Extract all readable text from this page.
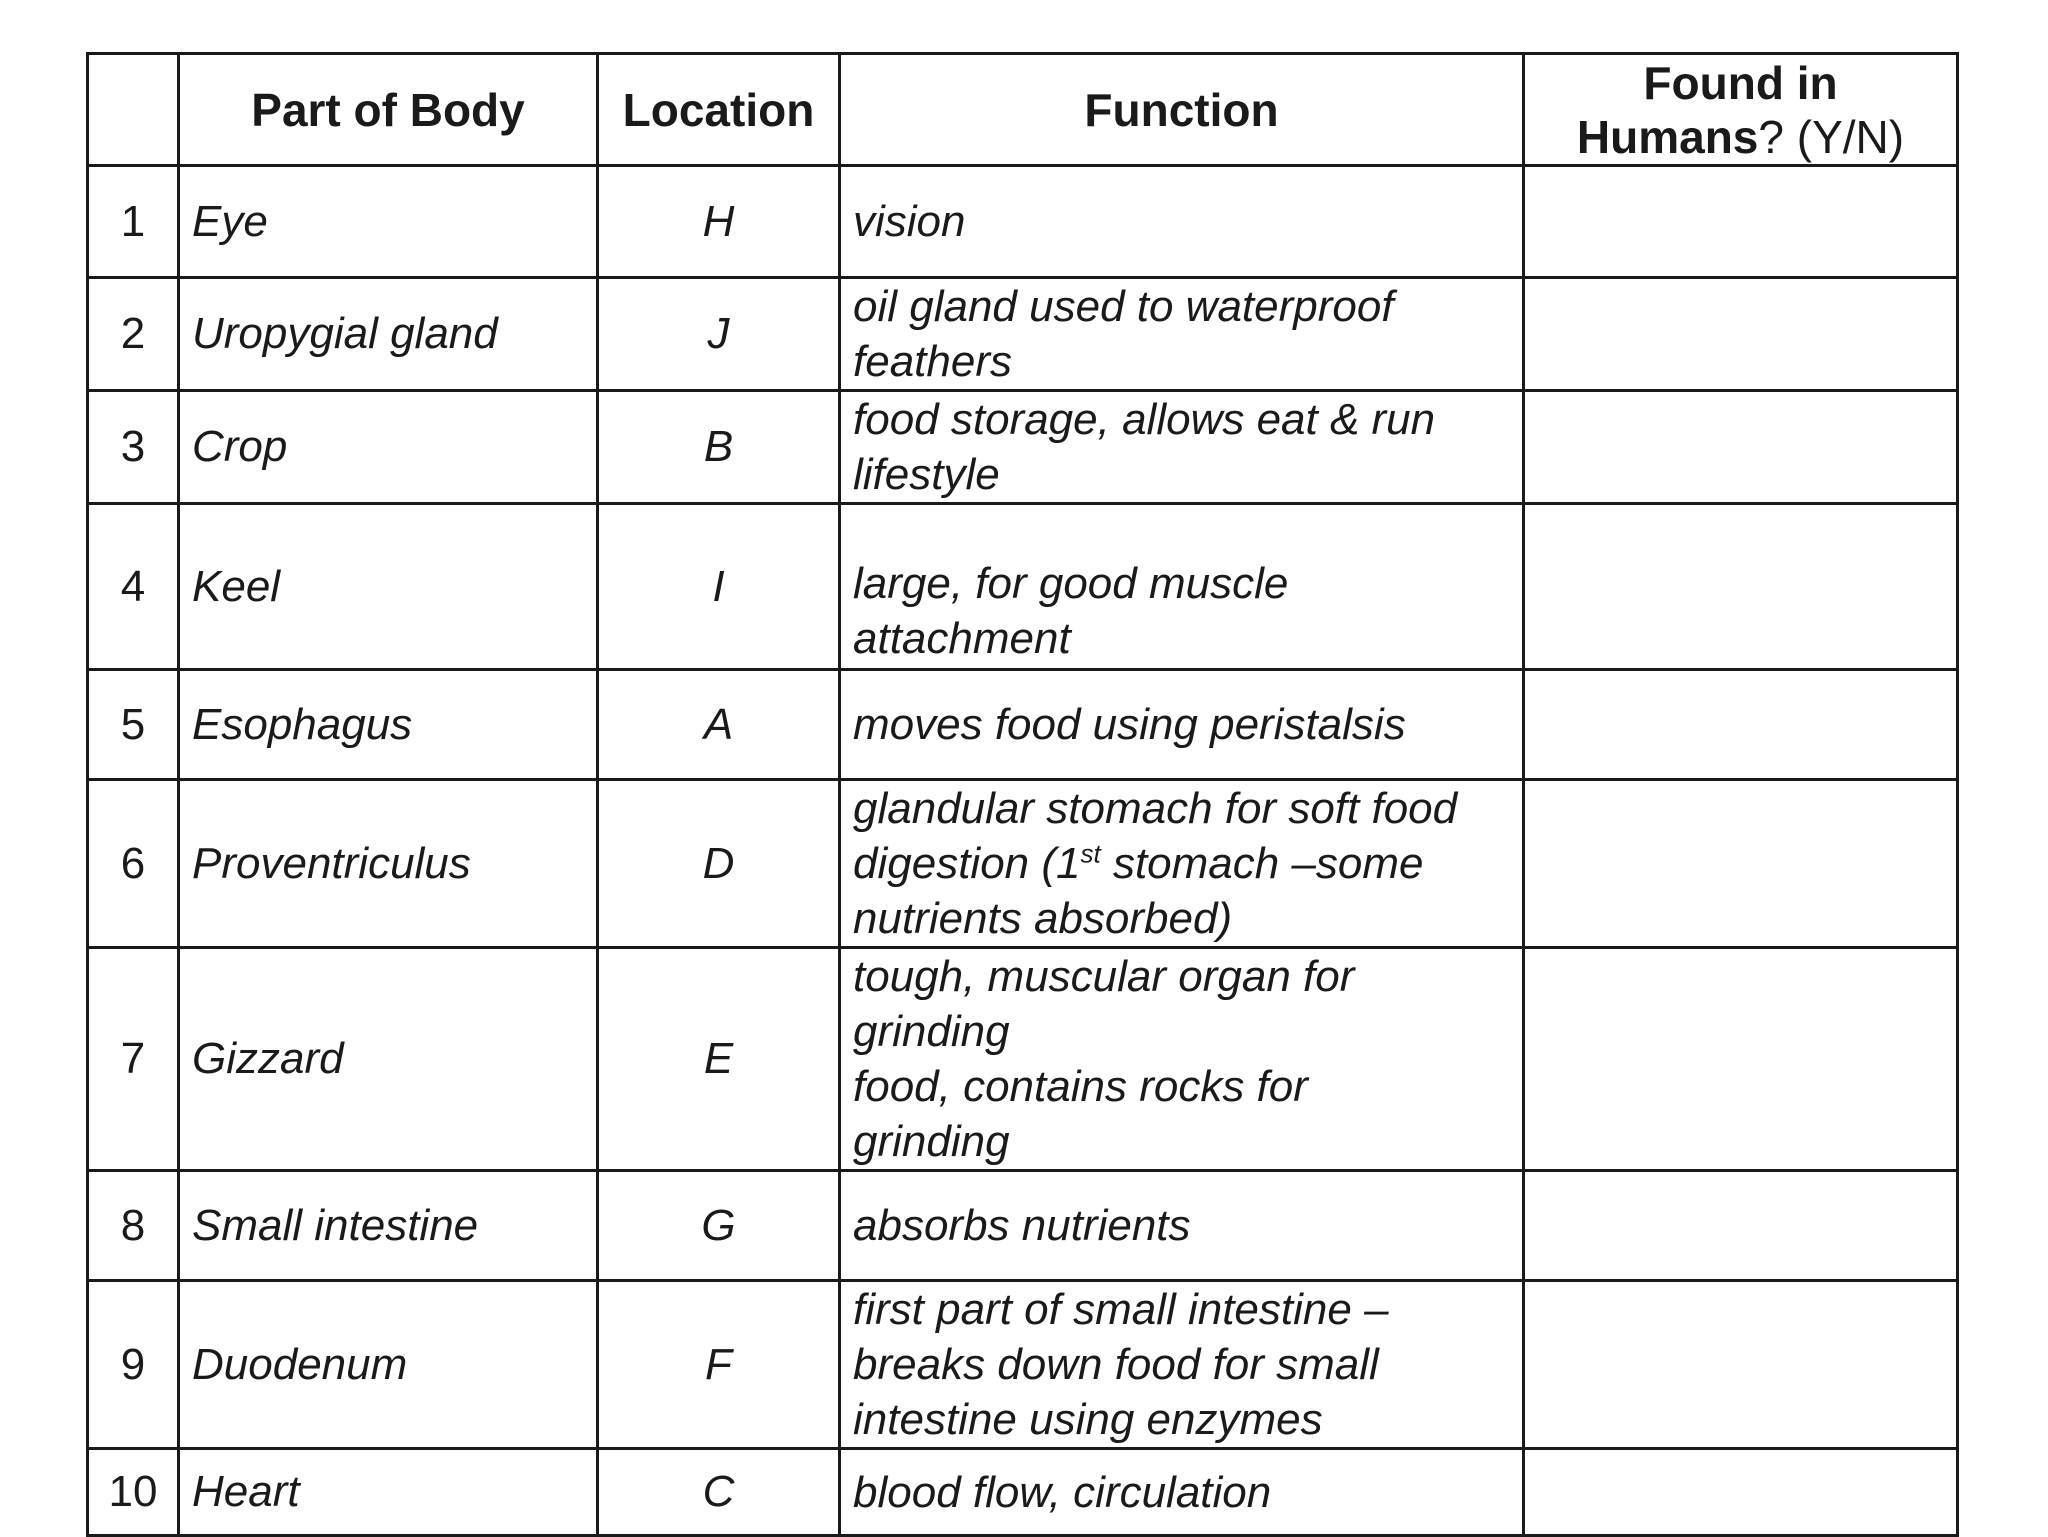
	Part of Body	Location	Function	Found in
Humans? (Y/N)
1	Eye	H	vision	
2	Uropygial gland	J	oil gland used to waterproof
feathers	
3	Crop	B	food storage, allows eat & run
lifestyle	
4	Keel	I	large, for good muscle
attachment	
5	Esophagus	A	moves food using peristalsis	
6	Proventriculus	D	glandular stomach for soft food
digestion (1st stomach –some
nutrients absorbed)	
7	Gizzard	E	tough, muscular organ for
grinding
food, contains rocks for
grinding	
8	Small intestine	G	absorbs nutrients	
9	Duodenum	F	first part of small intestine –
breaks down food for small
intestine using enzymes	
10	Heart	C	blood flow, circulation	
